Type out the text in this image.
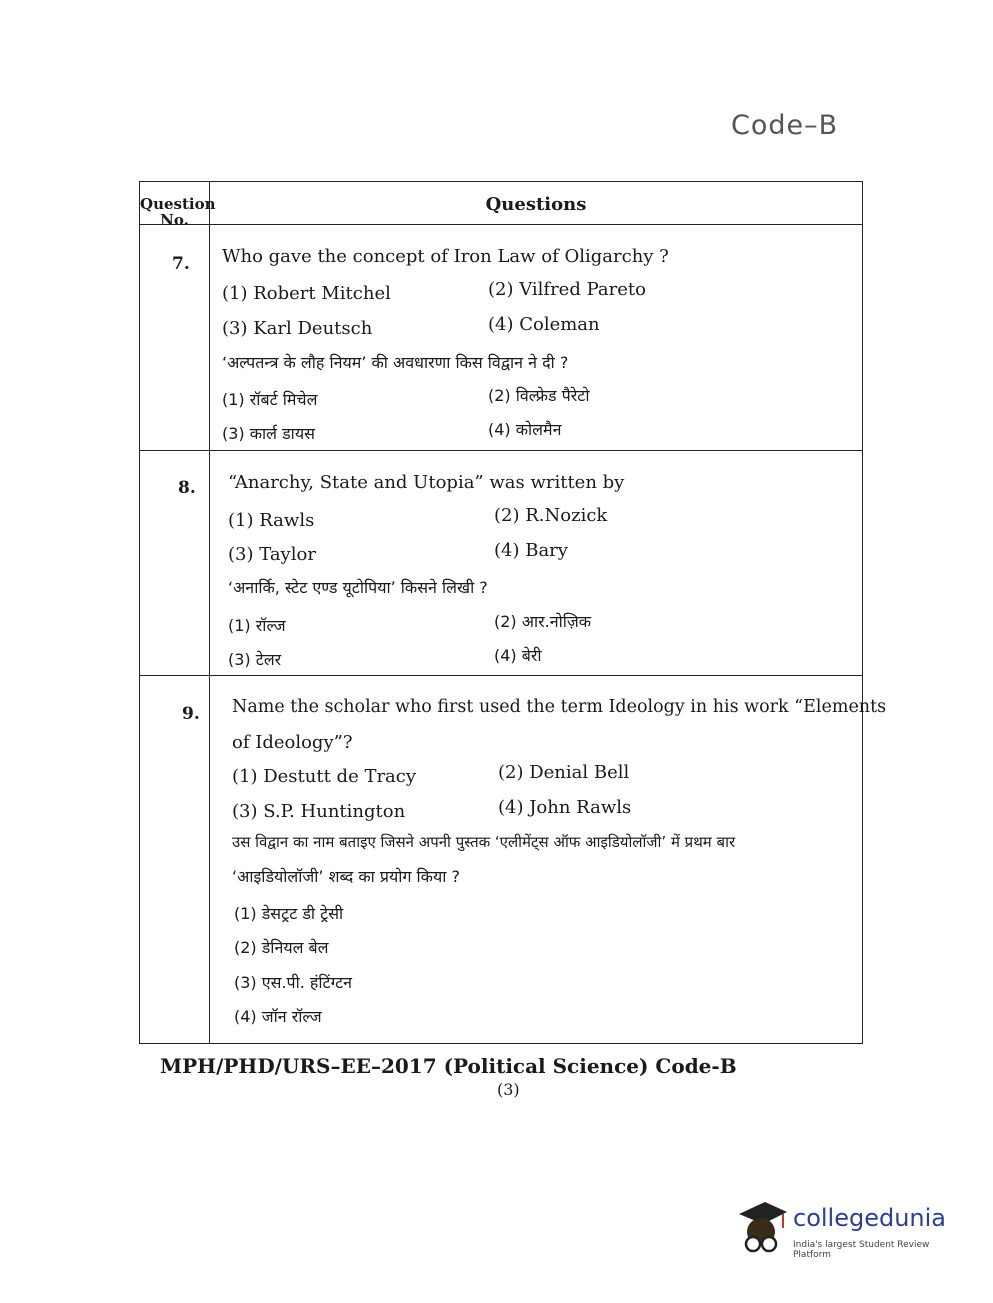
Code–B
Question No.
Questions
7. Who gave the concept of Iron Law of Oligarchy ?
(1) Robert Mitchel	(2) Vilfred Pareto
(3) Karl Deutsch	(4) Coleman
‘अल्पतन्त्र के लौह नियम’ की अवधारणा किस विद्वान ने दी ?
(1) रॉबर्ट मिचेल	(2) विल्फ्रेड पैरेटो
(3) कार्ल डायस	(4) कोलमैन
8. “Anarchy, State and Utopia” was written by
(1) Rawls	(2) R.Nozick
(3) Taylor	(4) Bary
‘अनार्कि, स्टेट एण्ड यूटोपिया’ किसने लिखी ?
(1) रॉल्ज	(2) आर.नोज़िक
(3) टेलर	(4) बेरी
9. Name the scholar who first used the term Ideology in his work “Elements
of Ideology”?
(1) Destutt de Tracy	(2) Denial Bell
(3) S.P. Huntington	(4) John Rawls
उस विद्वान का नाम बताइए जिसने अपनी पुस्तक ‘एलीमेंट्स ऑफ आइडियोलॉजी’ में प्रथम बार
‘आइडियोलॉजी’ शब्द का प्रयोग किया ?
(1) डेसट्रट डी ट्रेसी
(2) डेनियल बेल
(3) एस.पी. हंटिंग्टन
(4) जॉन रॉल्ज
MPH/PHD/URS–EE–2017 (Political Science) Code-B
(3)
collegedunia
India's largest Student Review Platform
